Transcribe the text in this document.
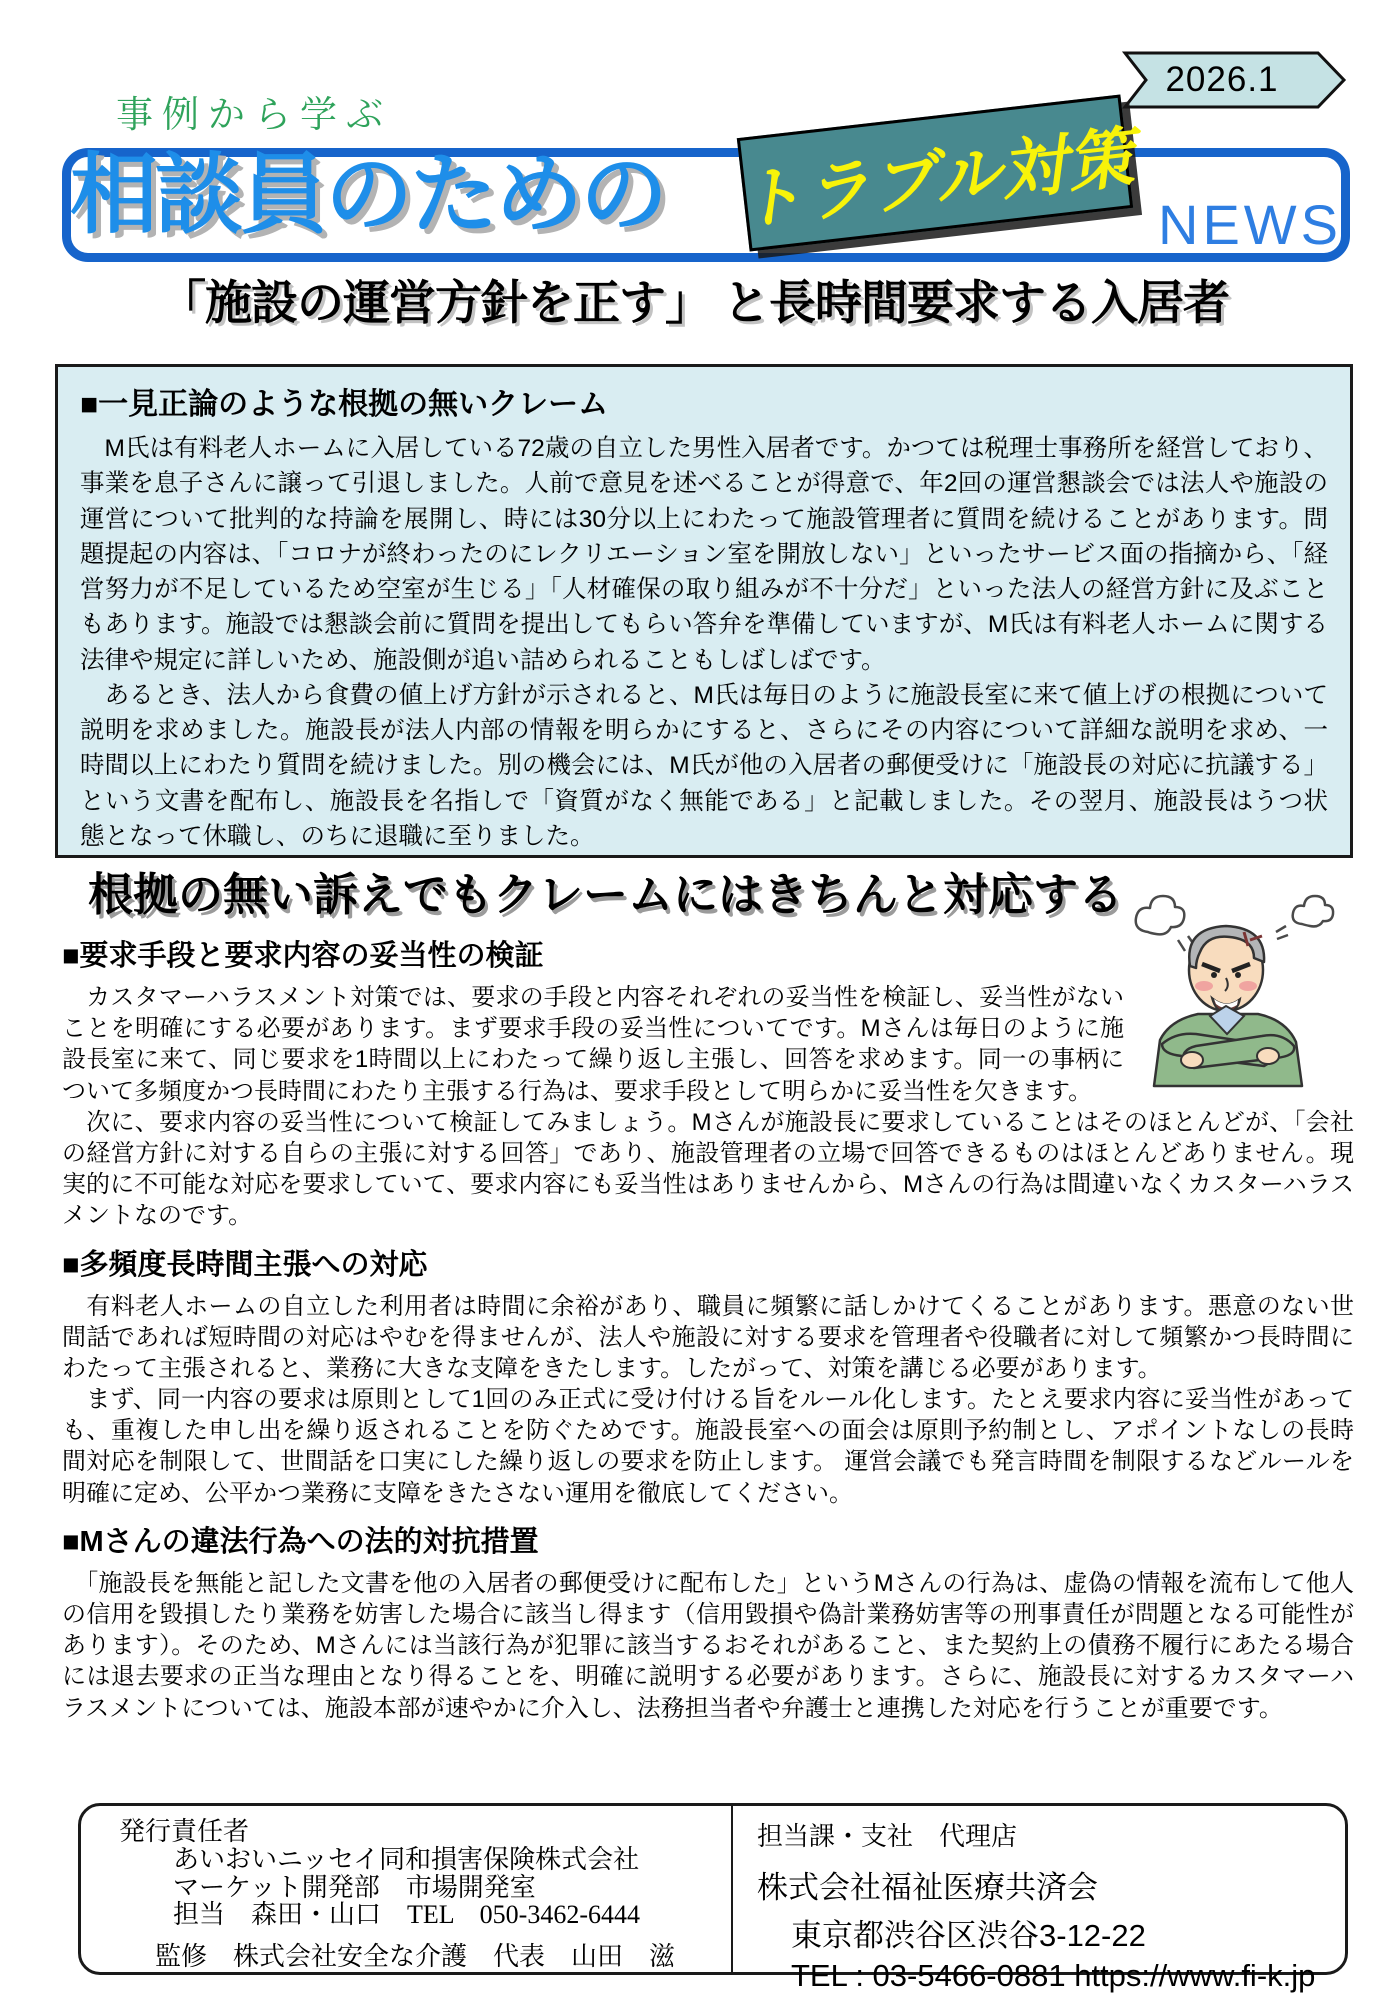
2026.1
事例から学ぶ
相談員のための トラブル対策 NEWS
「施設の運営方針を正す」 と長時間要求する入居者
■一見正論のような根拠の無いクレーム

　M氏は有料老人ホームに入居している72歳の自立した男性入居者です。かつては税理士事務所を経営しており、事業を息子さんに譲って引退しました。人前で意見を述べることが得意で、年2回の運営懇談会では法人や施設の運営について批判的な持論を展開し、時には30分以上にわたって施設管理者に質問を続けることがあります。問題提起の内容は、「コロナが終わったのにレクリエーション室を開放しない」といったサービス面の指摘から、「経営努力が不足しているため空室が生じる」「人材確保の取り組みが不十分だ」といった法人の経営方針に及ぶこともあります。施設では懇談会前に質問を提出してもらい答弁を準備していますが、M氏は有料老人ホームに関する法律や規定に詳しいため、施設側が追い詰められることもしばしばです。

　あるとき、法人から食費の値上げ方針が示されると、M氏は毎日のように施設長室に来て値上げの根拠について説明を求めました。施設長が法人内部の情報を明らかにすると、さらにその内容について詳細な説明を求め、一時間以上にわたり質問を続けました。別の機会には、M氏が他の入居者の郵便受けに「施設長の対応に抗議する」という文書を配布し、施設長を名指しで「資質がなく無能である」と記載しました。その翌月、施設長はうつ状態となって休職し、のちに退職に至りました。

根拠の無い訴えでもクレームにはきちんと対応する
■要求手段と要求内容の妥当性の検証

　カスタマーハラスメント対策では、要求の手段と内容それぞれの妥当性を検証し、妥当性がないことを明確にする必要があります。まず要求手段の妥当性についてです。Mさんは毎日のように施設長室に来て、同じ要求を1時間以上にわたって繰り返し主張し、回答を求めます。同一の事柄について多頻度かつ長時間にわたり主張する行為は、要求手段として明らかに妥当性を欠きます。

　次に、要求内容の妥当性について検証してみましょう。Mさんが施設長に要求していることはそのほとんどが、「会社の経営方針に対する自らの主張に対する回答」であり、施設管理者の立場で回答できるものはほとんどありません。現実的に不可能な対応を要求していて、要求内容にも妥当性はありませんから、Mさんの行為は間違いなくカスターハラスメントなのです。

■多頻度長時間主張への対応

　有料老人ホームの自立した利用者は時間に余裕があり、職員に頻繁に話しかけてくることがあります。悪意のない世間話であれば短時間の対応はやむを得ませんが、法人や施設に対する要求を管理者や役職者に対して頻繁かつ長時間にわたって主張されると、業務に大きな支障をきたします。したがって、対策を講じる必要があります。

　まず、同一内容の要求は原則として1回のみ正式に受け付ける旨をルール化します。たとえ要求内容に妥当性があっても、重複した申し出を繰り返されることを防ぐためです。施設長室への面会は原則予約制とし、アポイントなしの長時間対応を制限して、世間話を口実にした繰り返しの要求を防止します。 運営会議でも発言時間を制限するなどルールを明確に定め、公平かつ業務に支障をきたさない運用を徹底してください。

■Mさんの違法行為への法的対抗措置

　「施設長を無能と記した文書を他の入居者の郵便受けに配布した」というMさんの行為は、虚偽の情報を流布して他人の信用を毀損したり業務を妨害した場合に該当し得ます（信用毀損や偽計業務妨害等の刑事責任が問題となる可能性があります）。そのため、Mさんには当該行為が犯罪に該当するおそれがあること、また契約上の債務不履行にあたる場合には退去要求の正当な理由となり得ることを、明確に説明する必要があります。さらに、施設長に対するカスタマーハラスメントについては、施設本部が速やかに介入し、法務担当者や弁護士と連携した対応を行うことが重要です。

発行責任者
あいおいニッセイ同和損害保険株式会社
マーケット開発部　市場開発室
担当　森田・山口　TEL　050-3462-6444
監修　株式会社安全な介護　代表　山田　滋
担当課・支社　代理店
株式会社福祉医療共済会
東京都渋谷区渋谷3-12-22
TEL : 03-5466-0881 https://www.fi-k.jp
